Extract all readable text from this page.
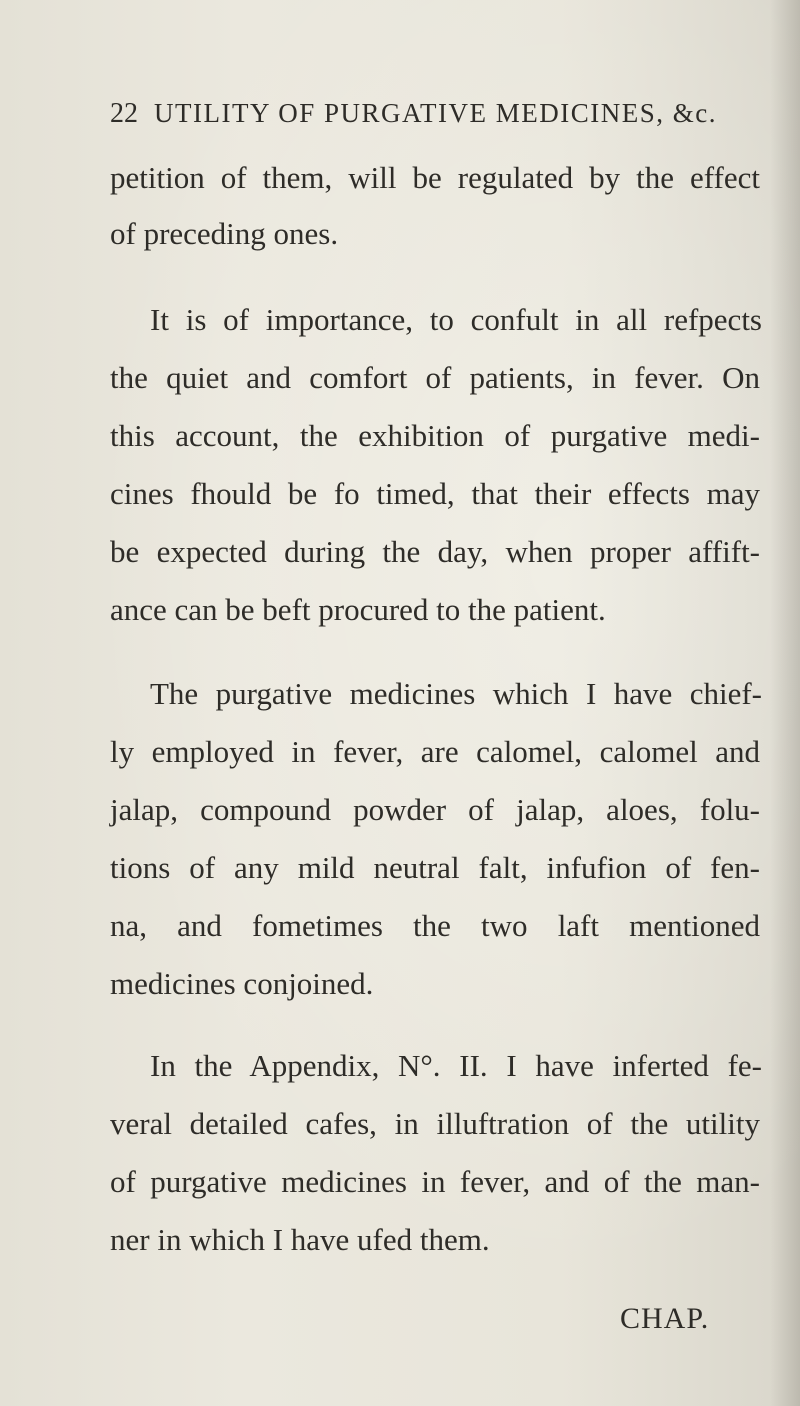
22 UTILITY OF PURGATIVE MEDICINES, &c.
petition of them, will be regulated by the effect
of preceding ones.
It is of importance, to confult in all refpects
the quiet and comfort of patients, in fever. On
this account, the exhibition of purgative medi-
cines fhould be fo timed, that their effects may
be expected during the day, when proper affift-
ance can be beft procured to the patient.
The purgative medicines which I have chief-
ly employed in fever, are calomel, calomel and
jalap, compound powder of jalap, aloes, folu-
tions of any mild neutral falt, infufion of fen-
na, and fometimes the two laft mentioned
medicines conjoined.
In the Appendix, N°. II. I have inferted fe-
veral detailed cafes, in illuftration of the utility
of purgative medicines in fever, and of the man-
ner in which I have ufed them.
CHAP.
